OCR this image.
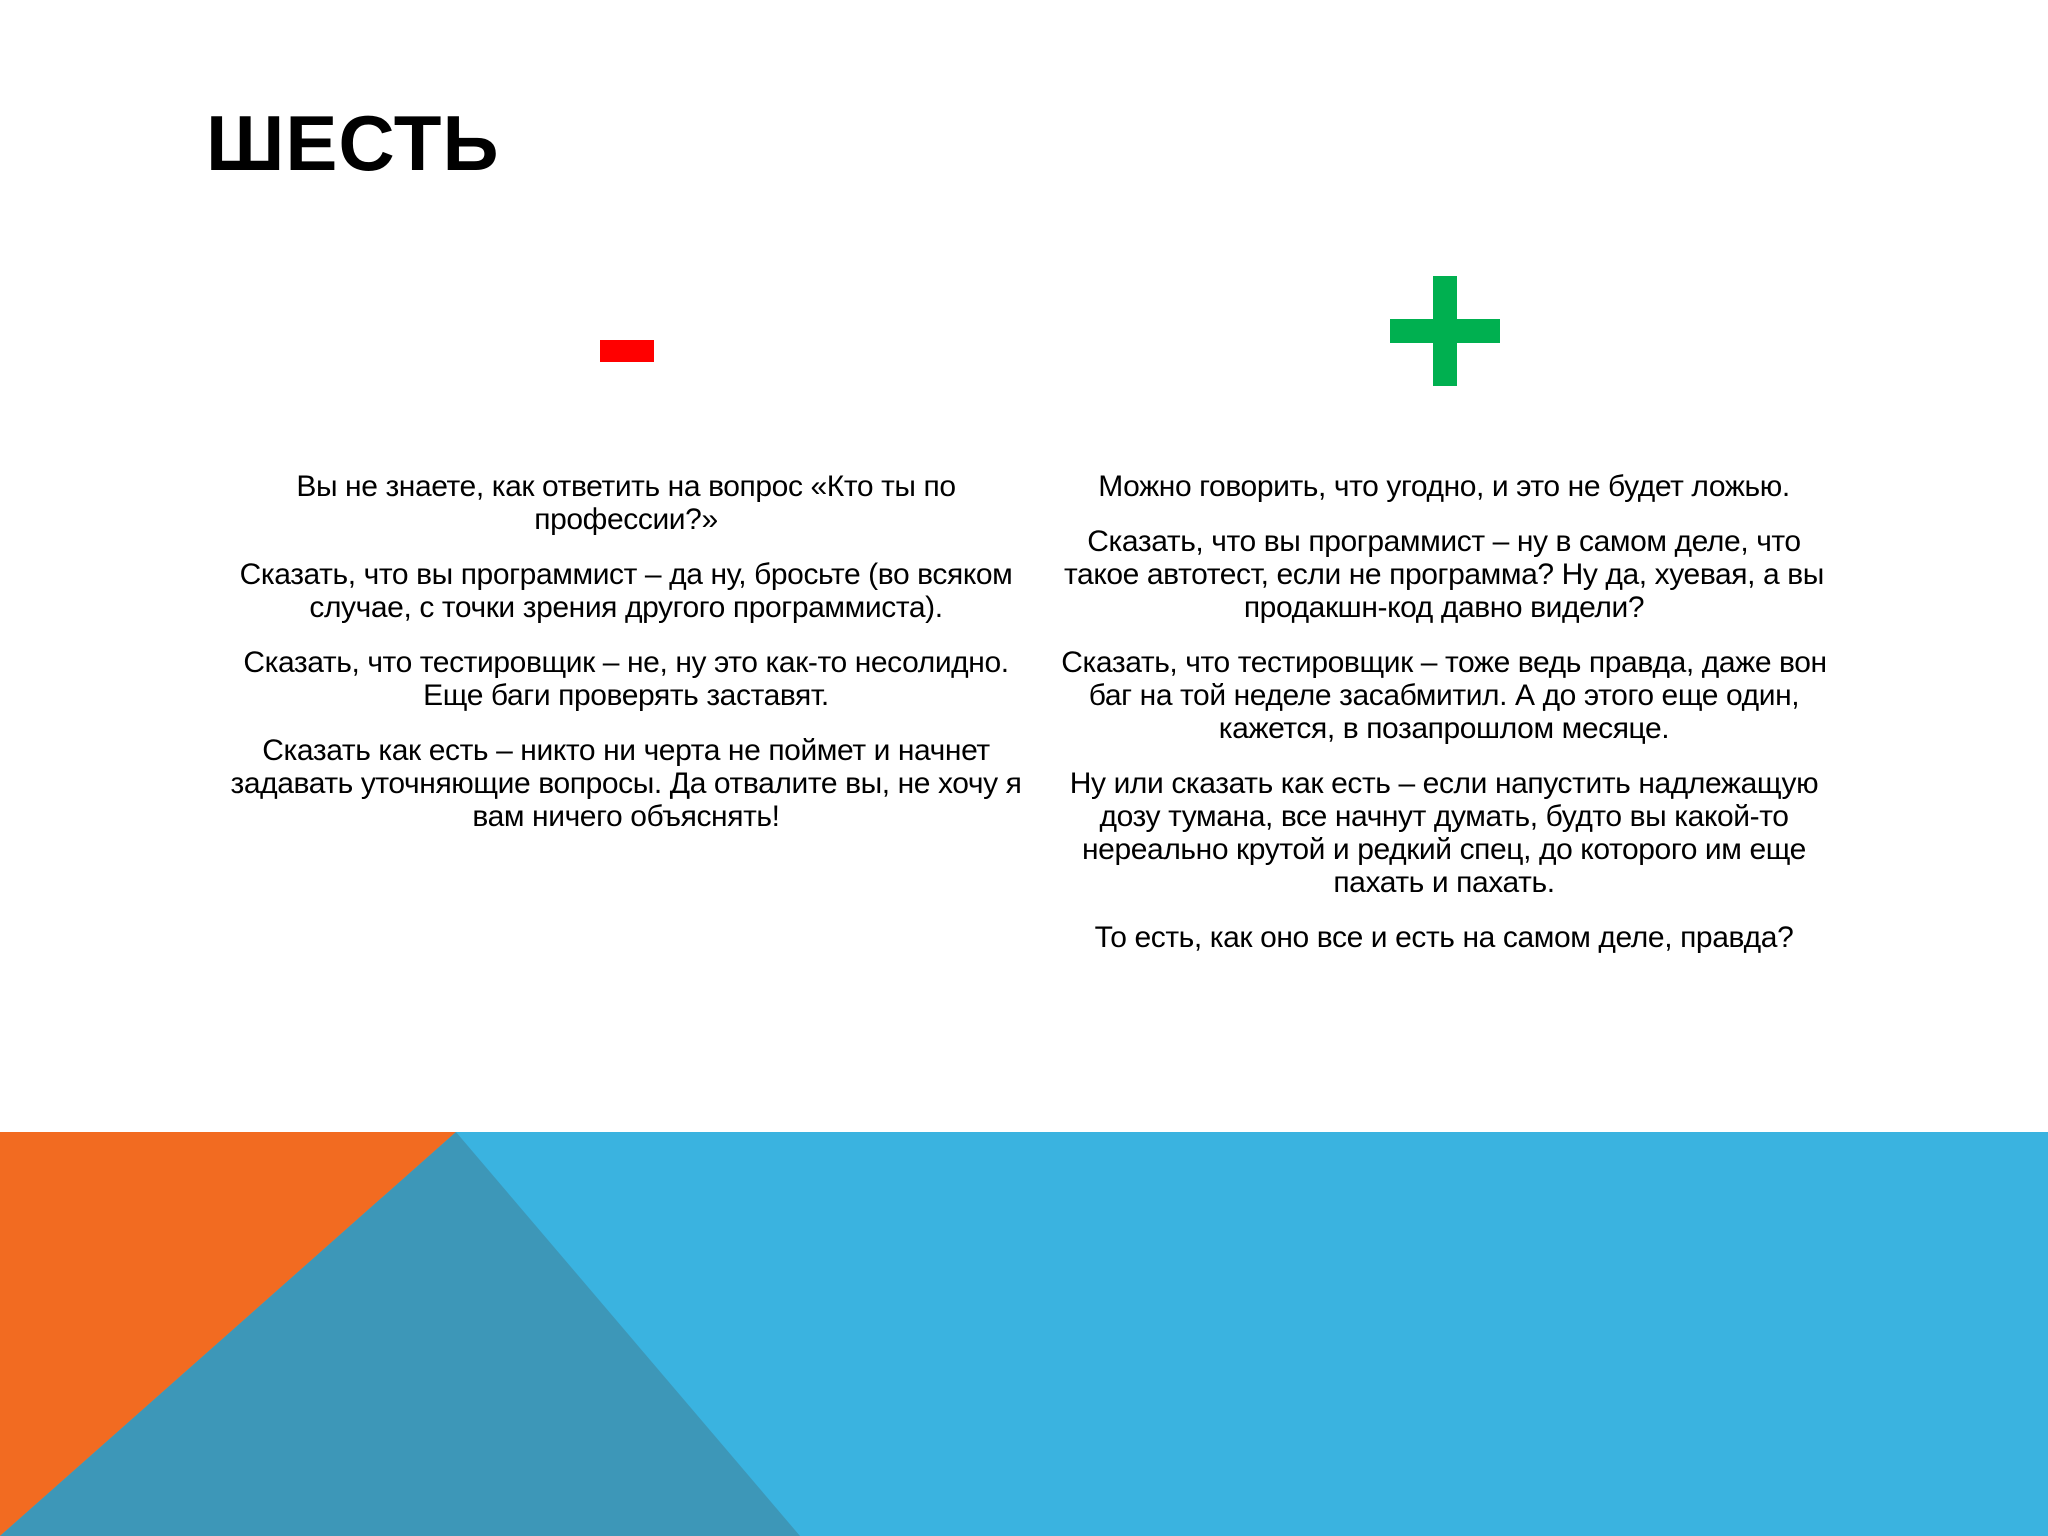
ШЕСТЬ

Вы не знаете, как ответить на вопрос «Кто ты по профессии?»

Сказать, что вы программист – да ну, бросьте (во всяком случае, с точки зрения другого программиста).

Сказать, что тестировщик – не, ну это как-то несолидно. Еще баги проверять заставят.

Сказать как есть – никто ни черта не поймет и начнет задавать уточняющие вопросы. Да отвалите вы, не хочу я вам ничего объяснять!

Можно говорить, что угодно, и это не будет ложью.

Сказать, что вы программист – ну в самом деле, что такое автотест, если не программа? Ну да, хуевая, а вы продакшн-код давно видели?

Сказать, что тестировщик – тоже ведь правда, даже вон баг на той неделе засабмитил. А до этого еще один, кажется, в позапрошлом месяце.

Ну или сказать как есть – если напустить надлежащую дозу тумана, все начнут думать, будто вы какой-то нереально крутой и редкий спец, до которого им еще пахать и пахать.

То есть, как оно все и есть на самом деле, правда?
